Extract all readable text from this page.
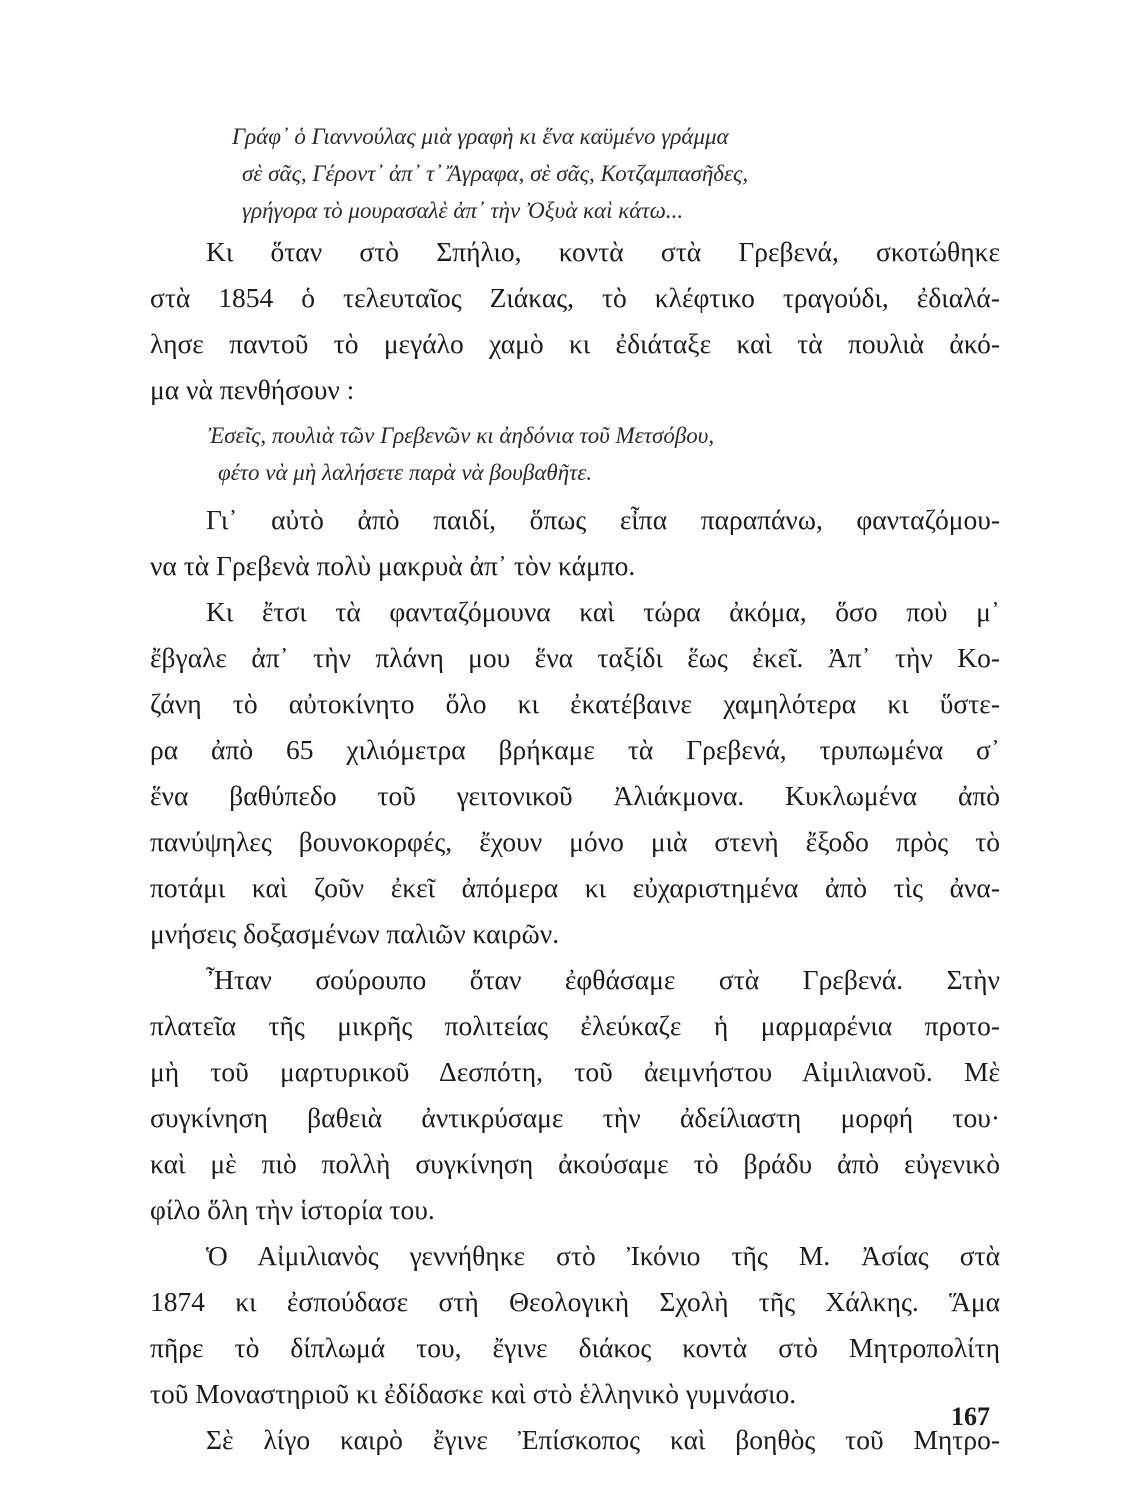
Γράφ᾽ ὁ Γιαννούλας μιὰ γραφὴ κι ἕνα καϋμένο γράμμα
σὲ σᾶς, Γέροντ᾽ ἀπ᾽ τ᾽ Ἄγραφα, σὲ σᾶς, Κοτζαμπασῆδες,
γρήγορα τὸ μουρασαλὲ ἀπ᾽ τὴν Ὀξυὰ καὶ κάτω...

Κι ὅταν στὸ Σπήλιο, κοντὰ στὰ Γρεβενά, σκοτώθηκε
στὰ 1854 ὁ τελευταῖος Ζιάκας, τὸ κλέφτικο τραγούδι, ἐδιαλά-
λησε παντοῦ τὸ μεγάλο χαμὸ κι ἐδιάταξε καὶ τὰ πουλιὰ ἀκό-
μα νὰ πενθήσουν :

Ἐσεῖς, πουλιὰ τῶν Γρεβενῶν κι ἀηδόνια τοῦ Μετσόβου,
φέτο νὰ μὴ λαλήσετε παρὰ νὰ βουβαθῆτε.

Γι᾽ αὐτὸ ἀπὸ παιδί, ὅπως εἶπα παραπάνω, φανταζόμου-
να τὰ Γρεβενὰ πολὺ μακρυὰ ἀπ᾽ τὸν κάμπο.

Κι ἔτσι τὰ φανταζόμουνα καὶ τώρα ἀκόμα, ὅσο ποὺ μ᾽
ἔβγαλε ἀπ᾽ τὴν πλάνη μου ἕνα ταξίδι ἕως ἐκεῖ. Ἀπ᾽ τὴν Κο-
ζάνη τὸ αὐτοκίνητο ὅλο κι ἐκατέβαινε χαμηλότερα κι ὕστε-
ρα ἀπὸ 65 χιλιόμετρα βρήκαμε τὰ Γρεβενά, τρυπωμένα σ᾽
ἕνα βαθύπεδο τοῦ γειτονικοῦ Ἀλιάκμονα. Κυκλωμένα ἀπὸ
πανύψηλες βουνοκορφές, ἔχουν μόνο μιὰ στενὴ ἔξοδο πρὸς τὸ
ποτάμι καὶ ζοῦν ἐκεῖ ἀπόμερα κι εὐχαριστημένα ἀπὸ τὶς ἀνα-
μνήσεις δοξασμένων παλιῶν καιρῶν.

Ἦταν σούρουπο ὅταν ἐφθάσαμε στὰ Γρεβενά. Στὴν
πλατεῖα τῆς μικρῆς πολιτείας ἐλεύκαζε ἡ μαρμαρένια προτο-
μὴ τοῦ μαρτυρικοῦ Δεσπότη, τοῦ ἀειμνήστου Αἰμιλιανοῦ. Μὲ
συγκίνηση βαθειὰ ἀντικρύσαμε τὴν ἀδείλιαστη μορφή του·
καὶ μὲ πιὸ πολλὴ συγκίνηση ἀκούσαμε τὸ βράδυ ἀπὸ εὐγενικὸ
φίλο ὅλη τὴν ἱστορία του.

Ὁ Αἰμιλιανὸς γεννήθηκε στὸ Ἰκόνιο τῆς Μ. Ἀσίας στὰ
1874 κι ἐσπούδασε στὴ Θεολογικὴ Σχολὴ τῆς Χάλκης. Ἅμα
πῆρε τὸ δίπλωμά του, ἔγινε διάκος κοντὰ στὸ Μητροπολίτη
τοῦ Μοναστηριοῦ κι ἐδίδασκε καὶ στὸ ἑλληνικὸ γυμνάσιο.

Σὲ λίγο καιρὸ ἔγινε Ἐπίσκοπος καὶ βοηθὸς τοῦ Μητρο-

167
